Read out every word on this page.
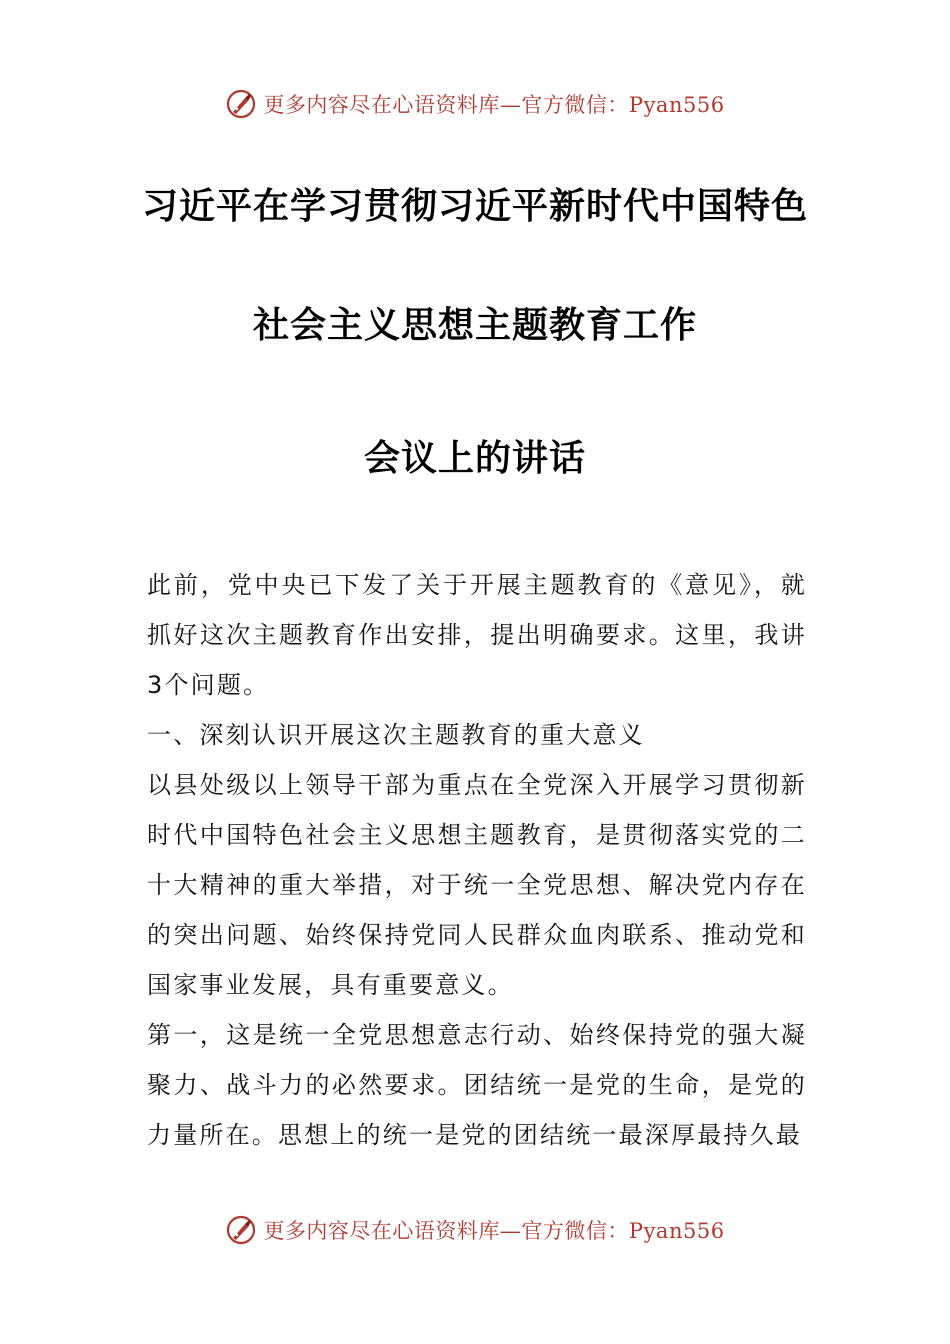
更多内容尽在心语资料库—官方微信：Pyan556
习近平在学习贯彻习近平新时代中国特色
社会主义思想主题教育工作
会议上的讲话

此前，党中央已下发了关于开展主题教育的《意见》，就抓好这次主题教育作出安排，提出明确要求。这里，我讲3个问题。

一、深刻认识开展这次主题教育的重大意义

以县处级以上领导干部为重点在全党深入开展学习贯彻新时代中国特色社会主义思想主题教育，是贯彻落实党的二十大精神的重大举措，对于统一全党思想、解决党内存在的突出问题、始终保持党同人民群众血肉联系、推动党和国家事业发展，具有重要意义。

第一，这是统一全党思想意志行动、始终保持党的强大凝聚力、战斗力的必然要求。团结统一是党的生命，是党的力量所在。思想上的统一是党的团结统一最深厚最持久最

更多内容尽在心语资料库—官方微信：Pyan556
